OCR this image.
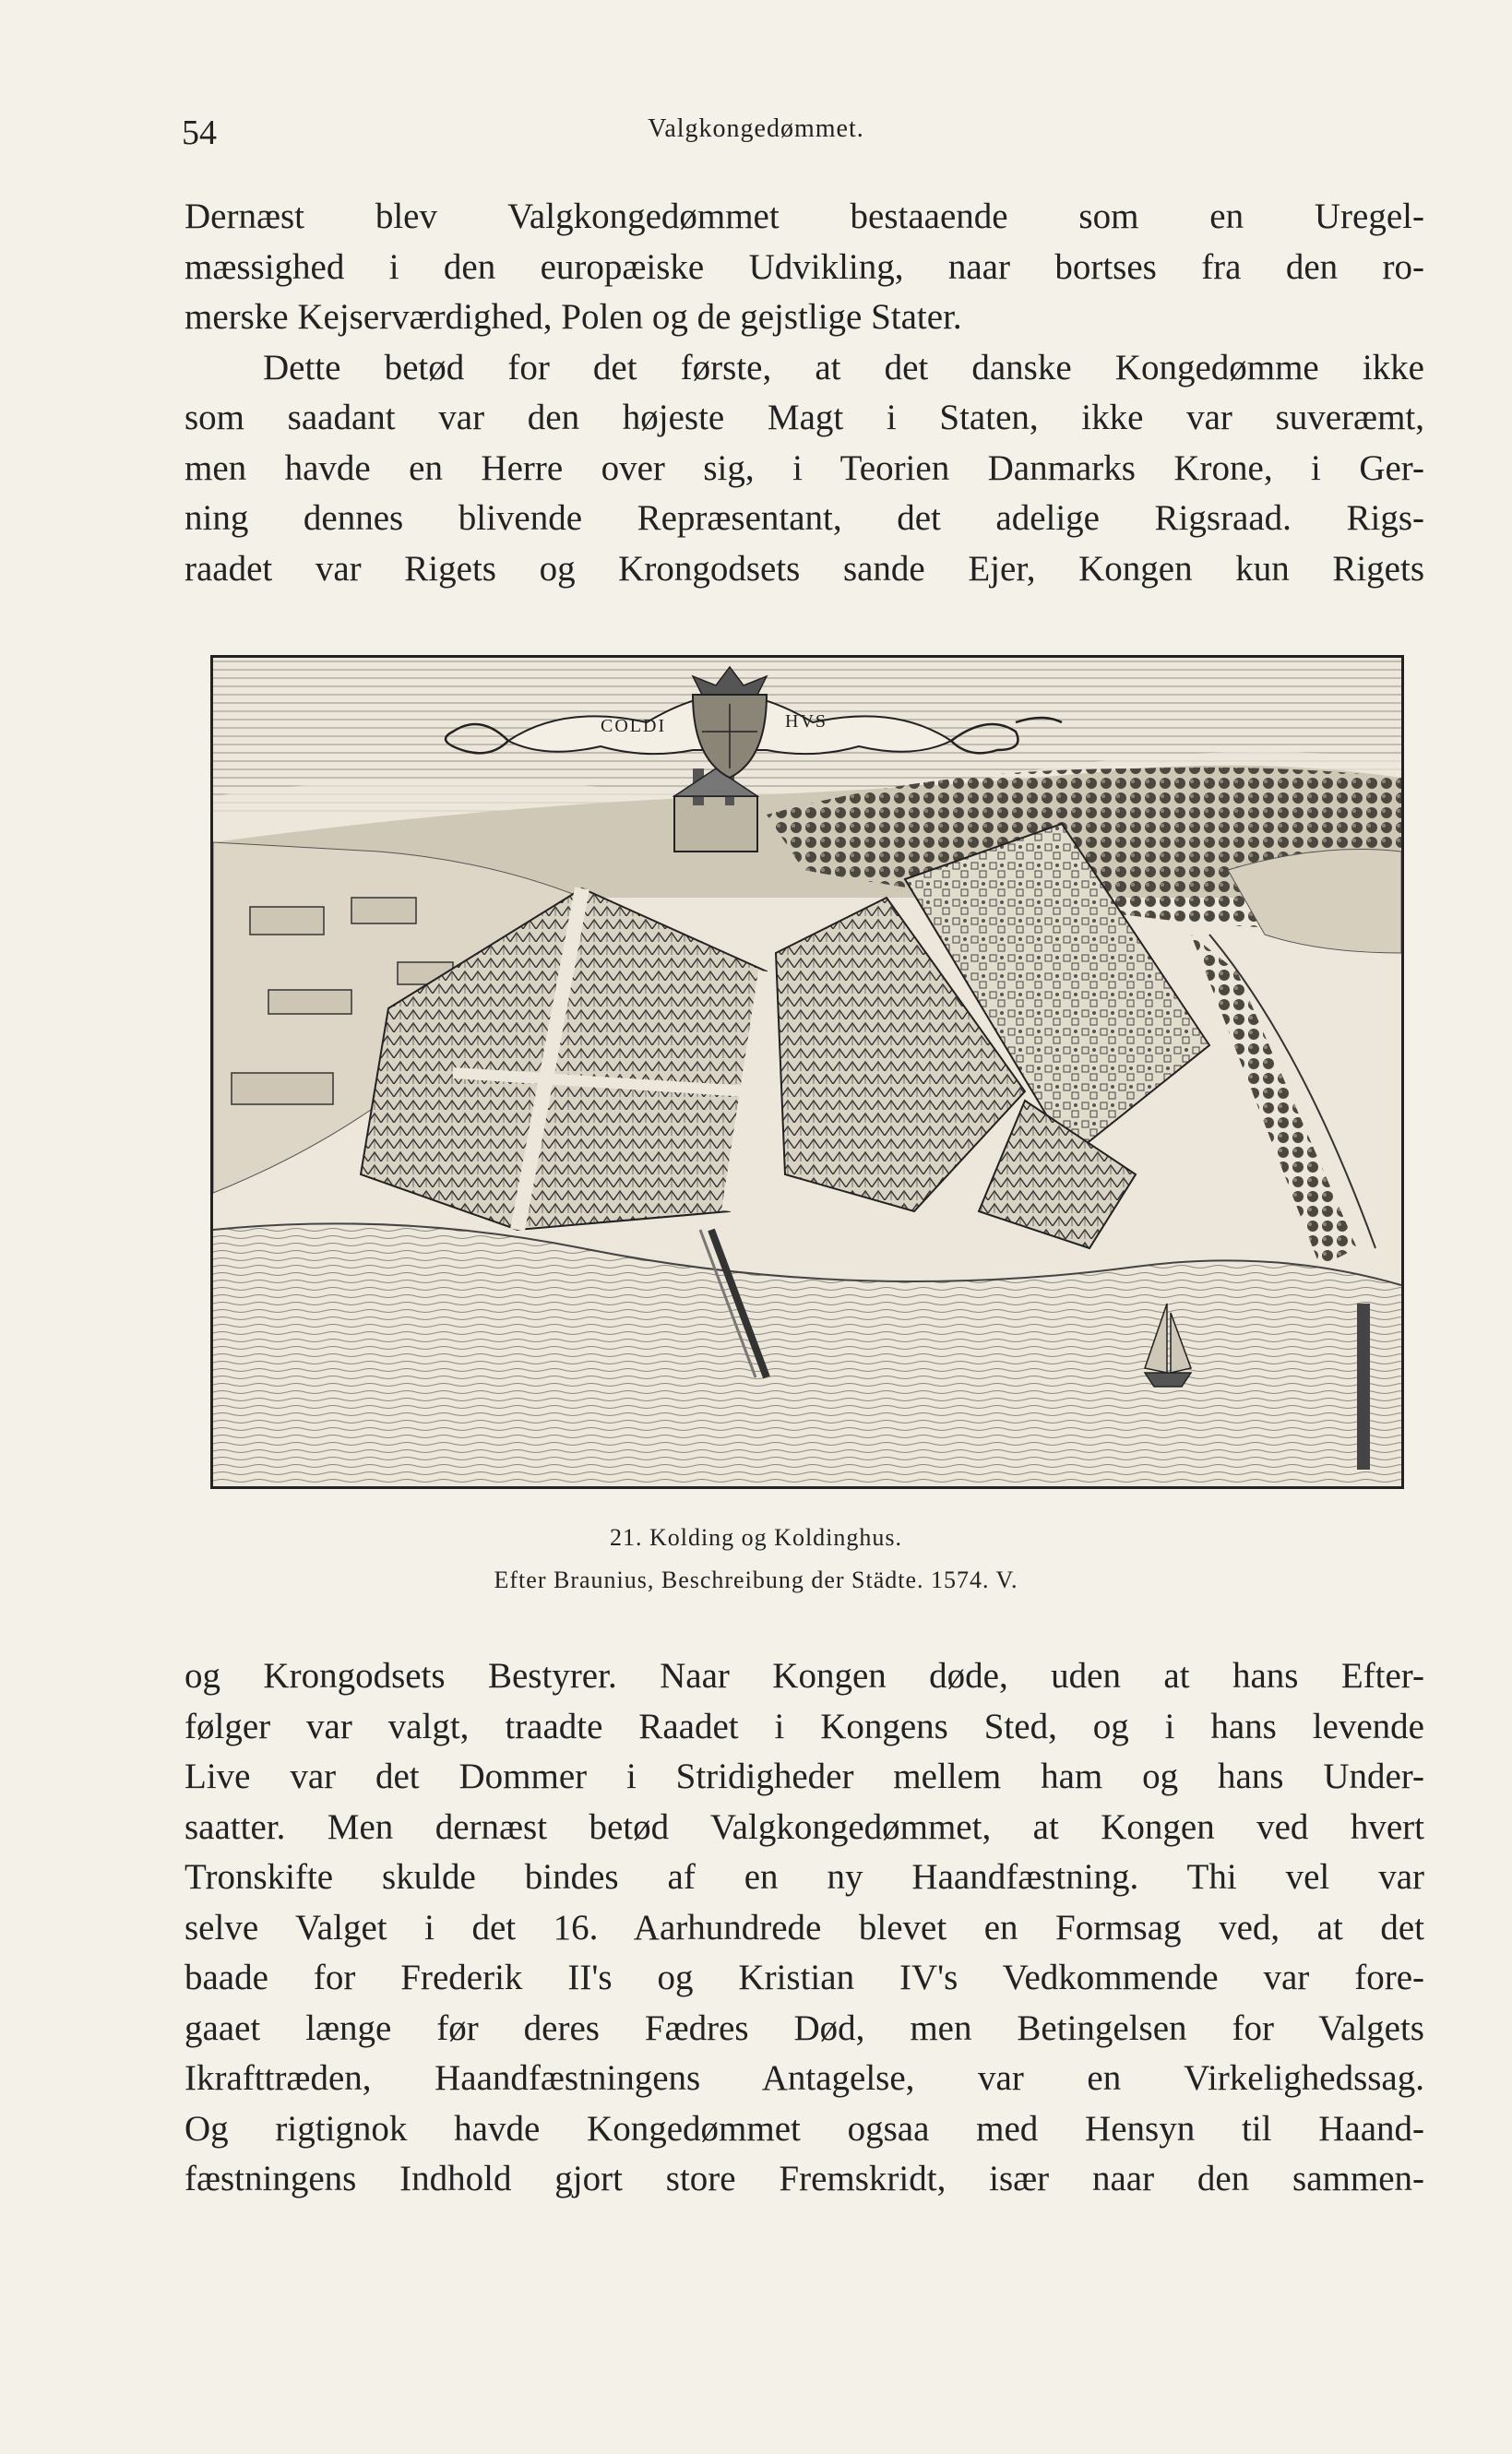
54	Valgkongedømmet.
Dernæst blev Valgkongedømmet bestaaende som en Uregel-
mæssighed i den europæiske Udvikling, naar bortses fra den ro-
merske Kejserværdighed, Polen og de gejstlige Stater.
Dette betød for det første, at det danske Kongedømme ikke
som saadant var den højeste Magt i Staten, ikke var suveræmt,
men havde en Herre over sig, i Teorien Danmarks Krone, i Ger-
ning dennes blivende Repræsentant, det adelige Rigsraad. Rigs-
raadet var Rigets og Krongodsets sande Ejer, Kongen kun Rigets
COLDI	HVS
21. Kolding og Koldinghus.
Efter Braunius, Beschreibung der Städte. 1574. V.
og Krongodsets Bestyrer. Naar Kongen døde, uden at hans Efter-
følger var valgt, traadte Raadet i Kongens Sted, og i hans levende
Live var det Dommer i Stridigheder mellem ham og hans Under-
saatter. Men dernæst betød Valgkongedømmet, at Kongen ved hvert
Tronskifte skulde bindes af en ny Haandfæstning. Thi vel var
selve Valget i det 16. Aarhundrede blevet en Formsag ved, at det
baade for Frederik II's og Kristian IV's Vedkommende var fore-
gaaet længe før deres Fædres Død, men Betingelsen for Valgets
Ikrafttræden, Haandfæstningens Antagelse, var en Virkelighedssag.
Og rigtignok havde Kongedømmet ogsaa med Hensyn til Haand-
fæstningens Indhold gjort store Fremskridt, især naar den sammen-
